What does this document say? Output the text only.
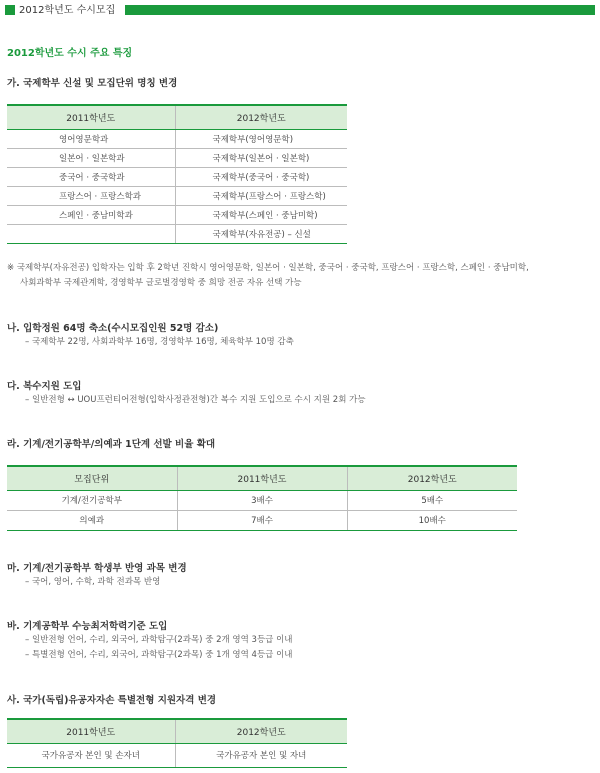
2012학년도 수시모집
2012학년도 수시 주요 특징
가. 국제학부 신설 및 모집단위 명칭 변경
2011학년도	2012학년도
영어영문학과	국제학부(영어영문학)
일본어 · 일본학과	국제학부(일본어 · 일본학)
중국어 · 중국학과	국제학부(중국어 · 중국학)
프랑스어 · 프랑스학과	국제학부(프랑스어 · 프랑스학)
스페인 · 중남미학과	국제학부(스페인 · 중남미학)
	국제학부(자유전공) – 신설
※ 국제학부(자유전공) 입학자는 입학 후 2학년 진학시 영어영문학, 일본어 · 일본학, 중국어 · 중국학, 프랑스어 · 프랑스학, 스페인 · 중남미학,
사회과학부 국제관계학, 경영학부 글로벌경영학 중 희망 전공 자유 선택 가능
나. 입학정원 64명 축소(수시모집인원 52명 감소)
– 국제학부 22명, 사회과학부 16명, 경영학부 16명, 체육학부 10명 감축
다. 복수지원 도입
– 일반전형 ↔ UOU프런티어전형(입학사정관전형)간 복수 지원 도입으로 수시 지원 2회 가능
라. 기계/전기공학부/의예과 1단계 선발 비율 확대
모집단위	2011학년도	2012학년도
기계/전기공학부	3배수	5배수
의예과	7배수	10배수
마. 기계/전기공학부 학생부 반영 과목 변경
– 국어, 영어, 수학, 과학 전과목 반영
바. 기계공학부 수능최저학력기준 도입
– 일반전형 언어, 수리, 외국어, 과학탐구(2과목) 중 2개 영역 3등급 이내
– 특별전형 언어, 수리, 외국어, 과학탐구(2과목) 중 1개 영역 4등급 이내
사. 국가(독립)유공자자손 특별전형 지원자격 변경
2011학년도	2012학년도
국가유공자 본인 및 손자녀	국가유공자 본인 및 자녀
